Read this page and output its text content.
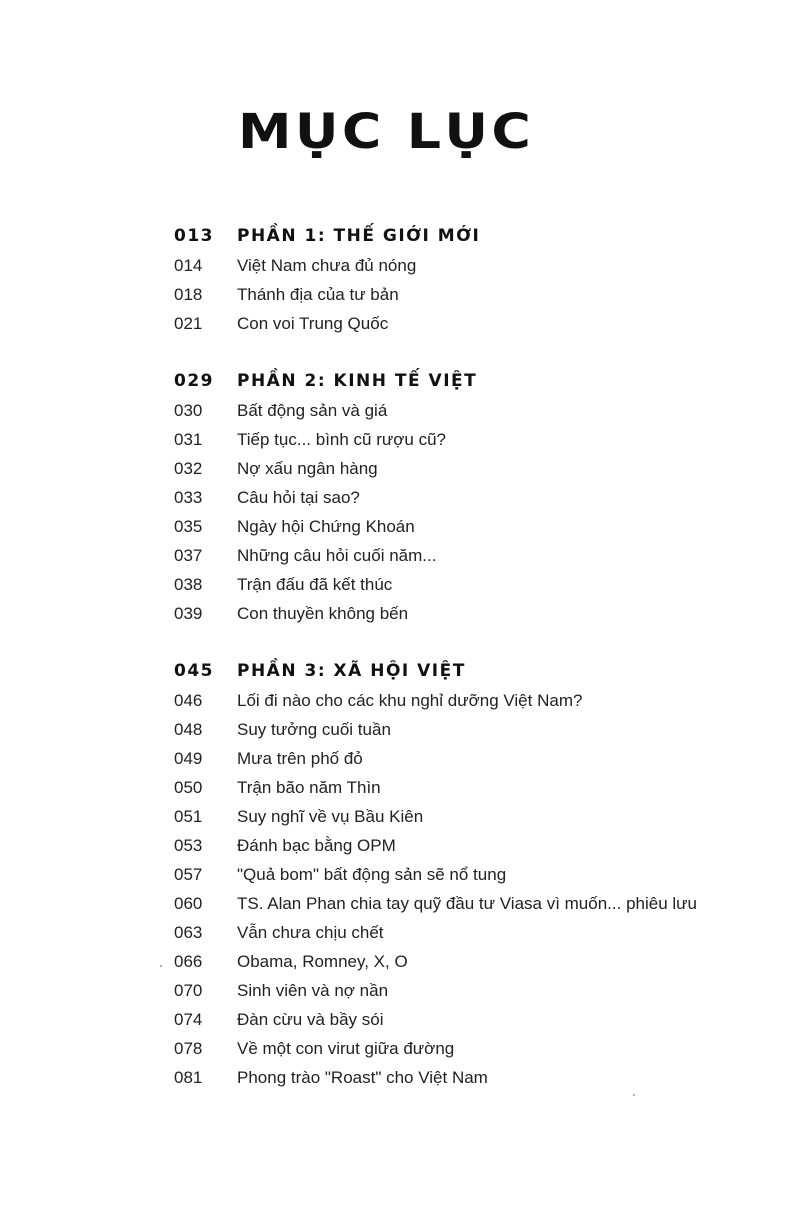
MỤC LỤC
013	PHẦN 1: THẾ GIỚI MỚI
014	Việt Nam chưa đủ nóng
018	Thánh địa của tư bản
021	Con voi Trung Quốc
029	PHẦN 2: KINH TẾ VIỆT
030	Bất động sản và giá
031	Tiếp tục... bình cũ rượu cũ?
032	Nợ xấu ngân hàng
033	Câu hỏi tại sao?
035	Ngày hội Chứng Khoán
037	Những câu hỏi cuối năm...
038	Trận đấu đã kết thúc
039	Con thuyền không bến
045	PHẦN 3: XÃ HỘI VIỆT
046	Lối đi nào cho các khu nghỉ dưỡng Việt Nam?
048	Suy tưởng cuối tuần
049	Mưa trên phố đỏ
050	Trận bão năm Thìn
051	Suy nghĩ về vụ Bầu Kiên
053	Đánh bạc bằng OPM
057	"Quả bom" bất động sản sẽ nổ tung
060	TS. Alan Phan chia tay quỹ đầu tư Viasa vì muốn... phiêu lưu
063	Vẫn chưa chịu chết
066	Obama, Romney, X, O
070	Sinh viên và nợ nần
074	Đàn cừu và bầy sói
078	Về một con virut giữa đường
081	Phong trào "Roast" cho Việt Nam
